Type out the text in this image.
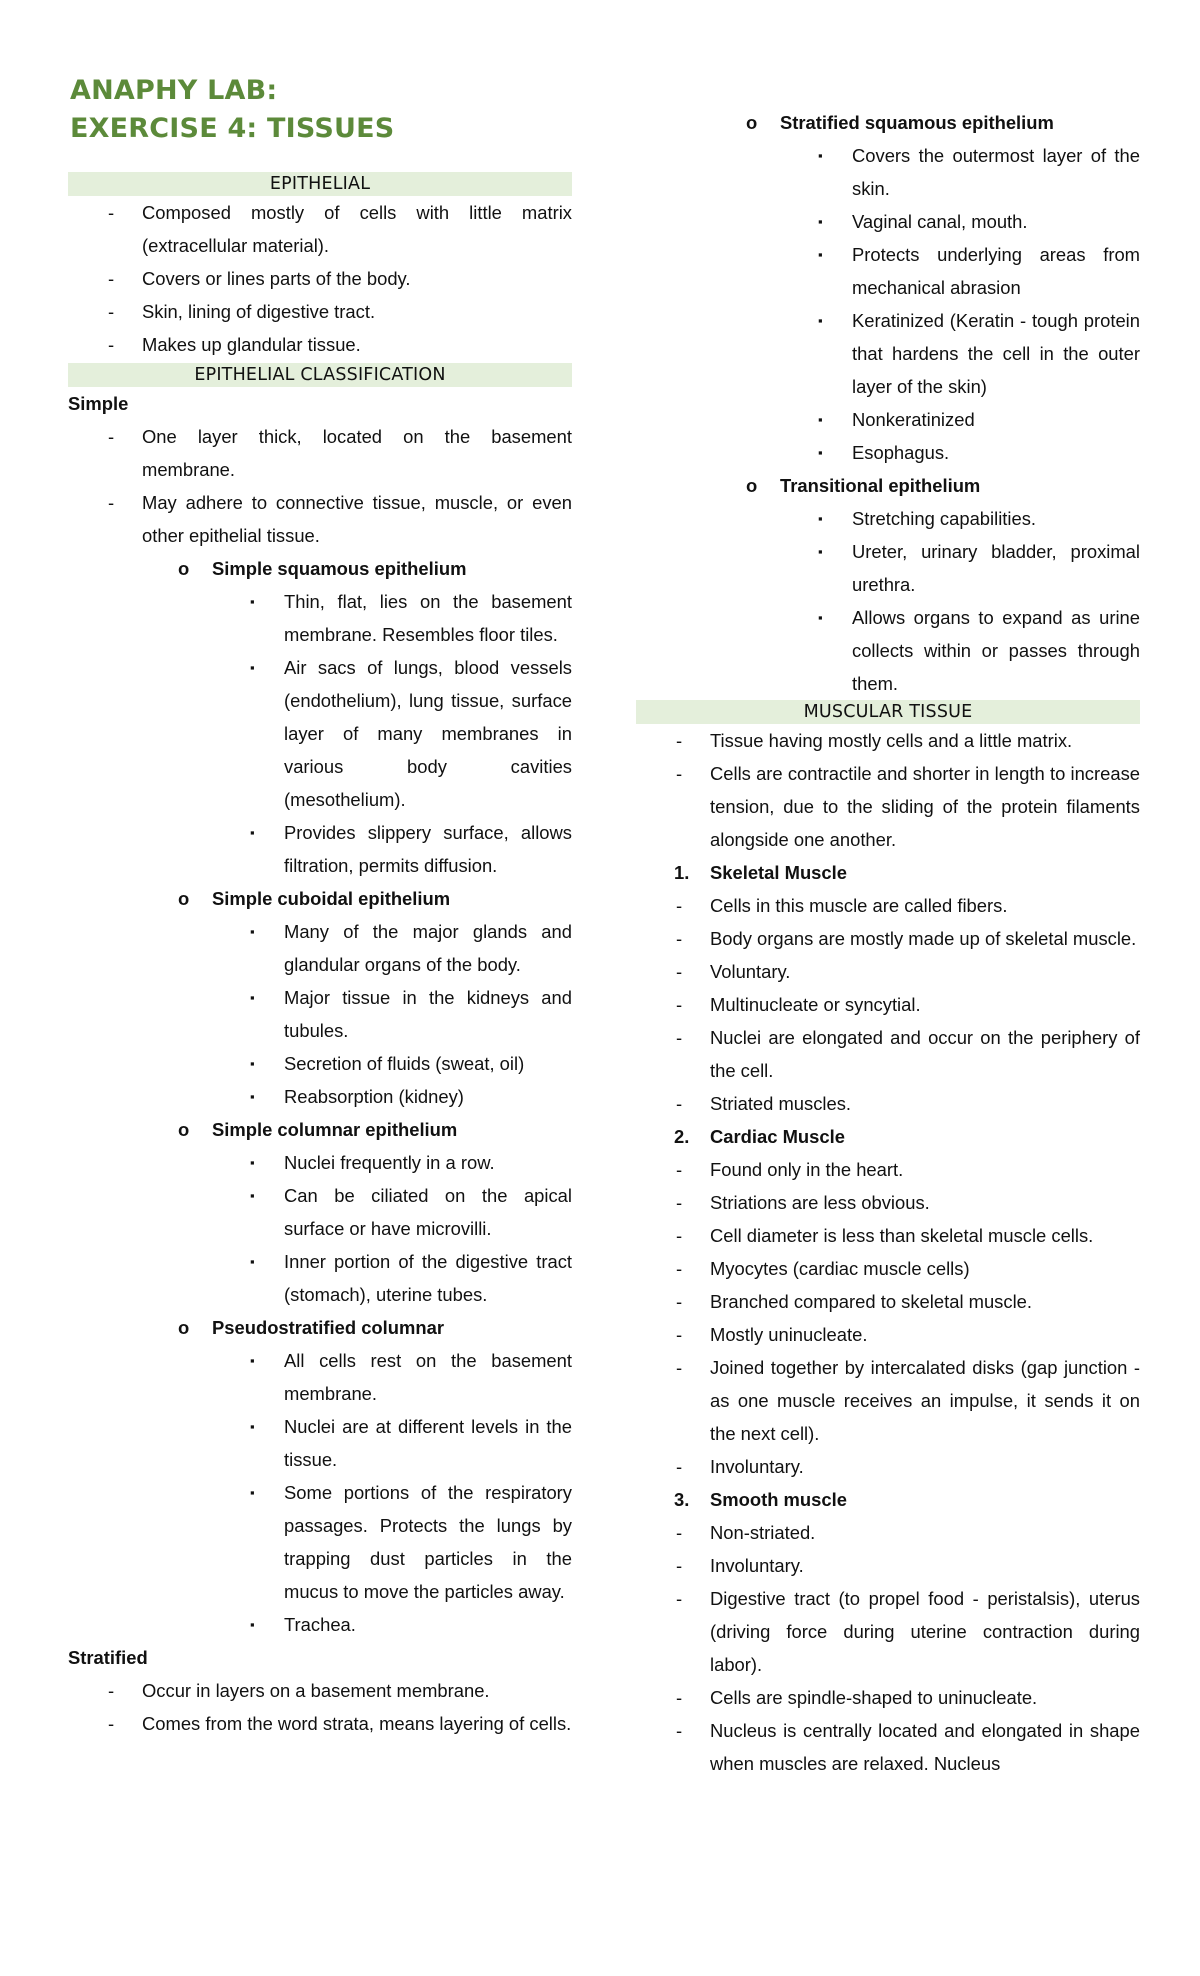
ANAPHY LAB:
EXERCISE 4: TISSUES
EPITHELIAL
- Composed mostly of cells with little matrix (extracellular material).
- Covers or lines parts of the body.
- Skin, lining of digestive tract.
- Makes up glandular tissue.
EPITHELIAL CLASSIFICATION
Simple
- One layer thick, located on the basement membrane.
- May adhere to connective tissue, muscle, or even other epithelial tissue.
o Simple squamous epithelium
▪ Thin, flat, lies on the basement membrane. Resembles floor tiles.
▪ Air sacs of lungs, blood vessels (endothelium), lung tissue, surface layer of many membranes in various body cavities (mesothelium).
▪ Provides slippery surface, allows filtration, permits diffusion.
o Simple cuboidal epithelium
▪ Many of the major glands and glandular organs of the body.
▪ Major tissue in the kidneys and tubules.
▪ Secretion of fluids (sweat, oil)
▪ Reabsorption (kidney)
o Simple columnar epithelium
▪ Nuclei frequently in a row.
▪ Can be ciliated on the apical surface or have microvilli.
▪ Inner portion of the digestive tract (stomach), uterine tubes.
o Pseudostratified columnar
▪ All cells rest on the basement membrane.
▪ Nuclei are at different levels in the tissue.
▪ Some portions of the respiratory passages. Protects the lungs by trapping dust particles in the mucus to move the particles away.
▪ Trachea.
Stratified
- Occur in layers on a basement membrane.
- Comes from the word strata, means layering of cells.
o Stratified squamous epithelium
▪ Covers the outermost layer of the skin.
▪ Vaginal canal, mouth.
▪ Protects underlying areas from mechanical abrasion
▪ Keratinized (Keratin - tough protein that hardens the cell in the outer layer of the skin)
▪ Nonkeratinized
▪ Esophagus.
o Transitional epithelium
▪ Stretching capabilities.
▪ Ureter, urinary bladder, proximal urethra.
▪ Allows organs to expand as urine collects within or passes through them.
MUSCULAR TISSUE
- Tissue having mostly cells and a little matrix.
- Cells are contractile and shorter in length to increase tension, due to the sliding of the protein filaments alongside one another.
1. Skeletal Muscle
- Cells in this muscle are called fibers.
- Body organs are mostly made up of skeletal muscle.
- Voluntary.
- Multinucleate or syncytial.
- Nuclei are elongated and occur on the periphery of the cell.
- Striated muscles.
2. Cardiac Muscle
- Found only in the heart.
- Striations are less obvious.
- Cell diameter is less than skeletal muscle cells.
- Myocytes (cardiac muscle cells)
- Branched compared to skeletal muscle.
- Mostly uninucleate.
- Joined together by intercalated disks (gap junction - as one muscle receives an impulse, it sends it on the next cell).
- Involuntary.
3. Smooth muscle
- Non-striated.
- Involuntary.
- Digestive tract (to propel food - peristalsis), uterus (driving force during uterine contraction during labor).
- Cells are spindle-shaped to uninucleate.
- Nucleus is centrally located and elongated in shape when muscles are relaxed. Nucleus
